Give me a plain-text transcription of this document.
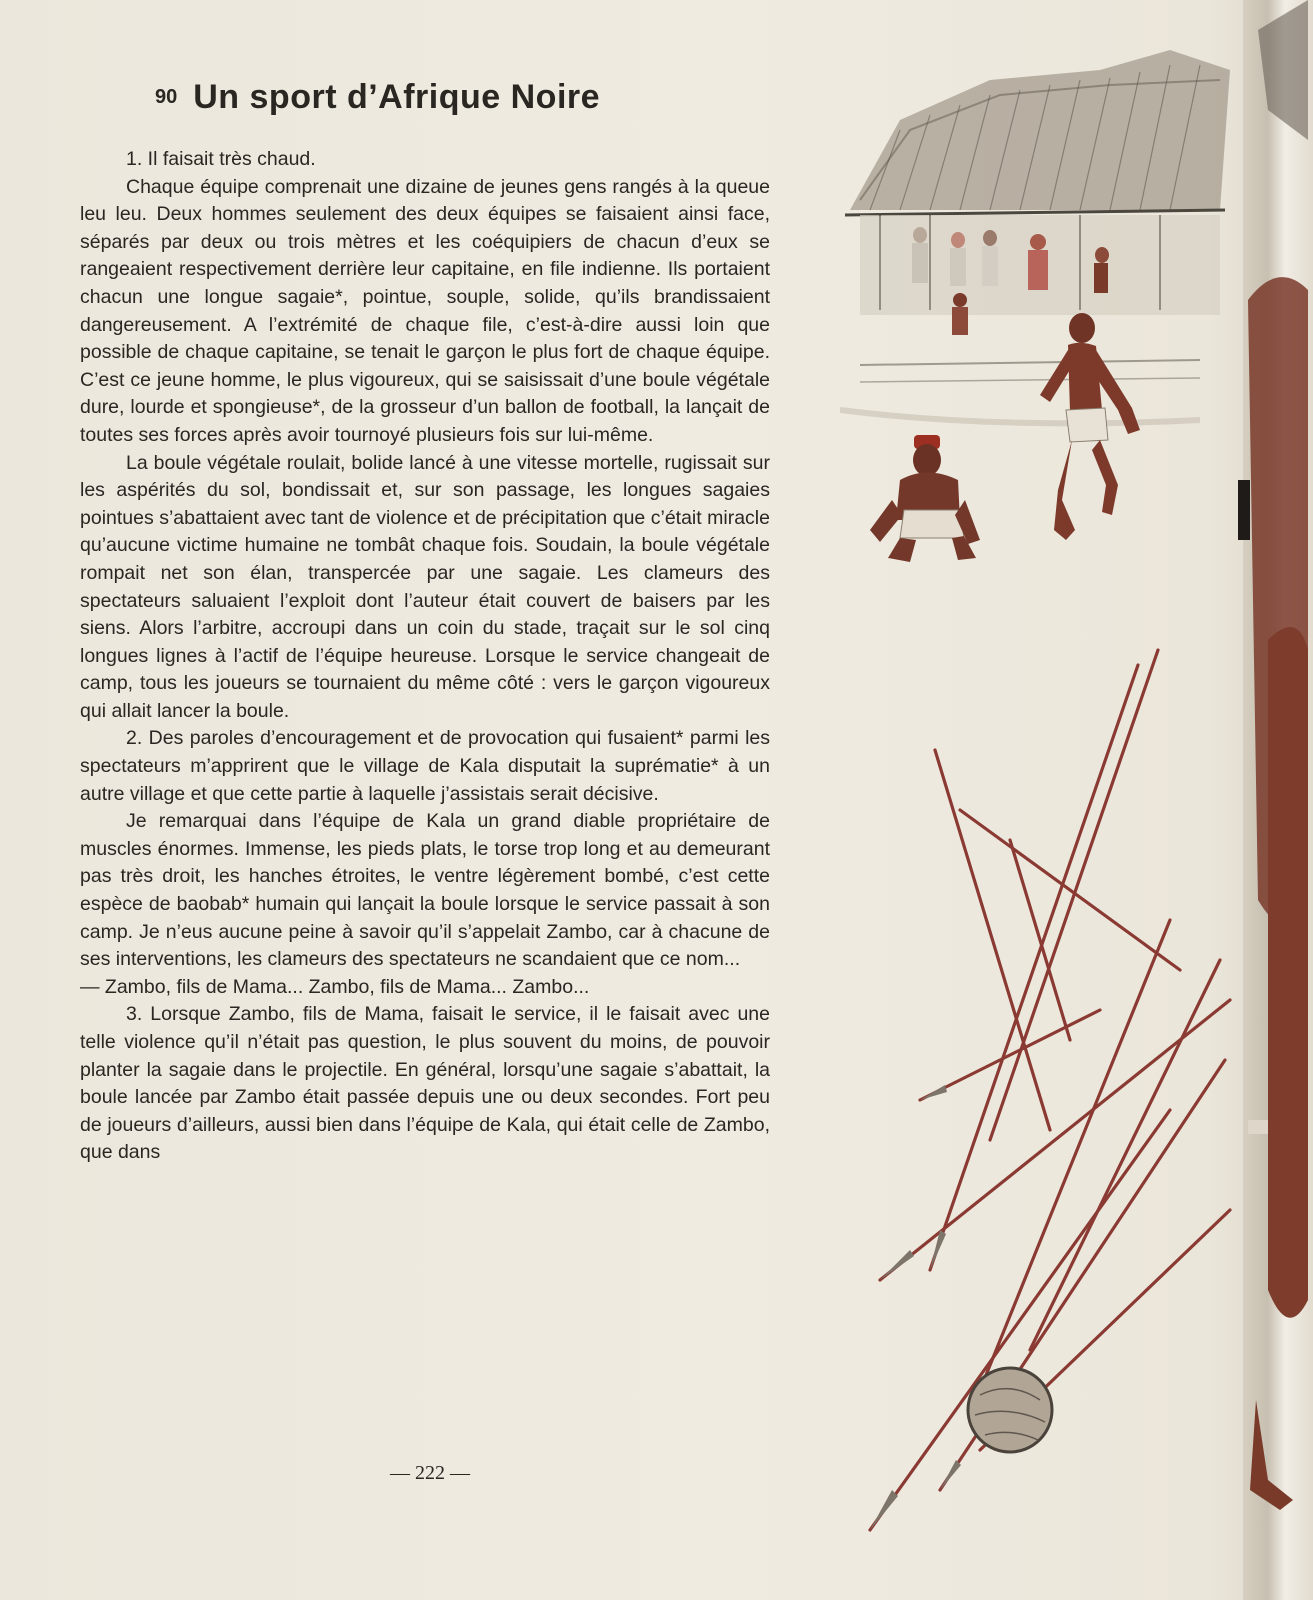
90 Un sport d’Afrique Noire

1. Il faisait très chaud.

Chaque équipe comprenait une dizaine de jeunes gens rangés à la queue leu leu. Deux hommes seulement des deux équipes se faisaient ainsi face, séparés par deux ou trois mètres et les coéquipiers de chacun d’eux se rangeaient respectivement derrière leur capitaine, en file indienne. Ils portaient chacun une longue sagaie*, pointue, souple, solide, qu’ils brandissaient dangereusement. A l’extrémité de chaque file, c’est-à-dire aussi loin que possible de chaque capitaine, se tenait le garçon le plus fort de chaque équipe. C’est ce jeune homme, le plus vigoureux, qui se saisissait d’une boule végétale dure, lourde et spongieuse*, de la grosseur d’un ballon de football, la lançait de toutes ses forces après avoir tournoyé plusieurs fois sur lui-même.

La boule végétale roulait, bolide lancé à une vitesse mortelle, rugissait sur les aspérités du sol, bondissait et, sur son passage, les longues sagaies pointues s’abattaient avec tant de violence et de précipitation que c’était miracle qu’aucune victime humaine ne tombât chaque fois. Soudain, la boule végétale rompait net son élan, transpercée par une sagaie. Les clameurs des spectateurs saluaient l’exploit dont l’auteur était couvert de baisers par les siens. Alors l’arbitre, accroupi dans un coin du stade, traçait sur le sol cinq longues lignes à l’actif de l’équipe heureuse. Lorsque le service changeait de camp, tous les joueurs se tournaient du même côté : vers le garçon vigoureux qui allait lancer la boule.

2. Des paroles d’encouragement et de provocation qui fusaient* parmi les spectateurs m’apprirent que le village de Kala disputait la suprématie* à un autre village et que cette partie à laquelle j’assistais serait décisive.

Je remarquai dans l’équipe de Kala un grand diable propriétaire de muscles énormes. Immense, les pieds plats, le torse trop long et au demeurant pas très droit, les hanches étroites, le ventre légèrement bombé, c’est cette espèce de baobab* humain qui lançait la boule lorsque le service passait à son camp. Je n’eus aucune peine à savoir qu’il s’appelait Zambo, car à chacune de ses interventions, les clameurs des spectateurs ne scandaient que ce nom...

— Zambo, fils de Mama... Zambo, fils de Mama... Zambo...

3. Lorsque Zambo, fils de Mama, faisait le service, il le faisait avec une telle violence qu’il n’était pas question, le plus souvent du moins, de pouvoir planter la sagaie dans le projectile. En général, lorsqu’une sagaie s’abattait, la boule lancée par Zambo était passée depuis une ou deux secondes. Fort peu de joueurs d’ailleurs, aussi bien dans l’équipe de Kala, qui était celle de Zambo, que dans

— 222 —
